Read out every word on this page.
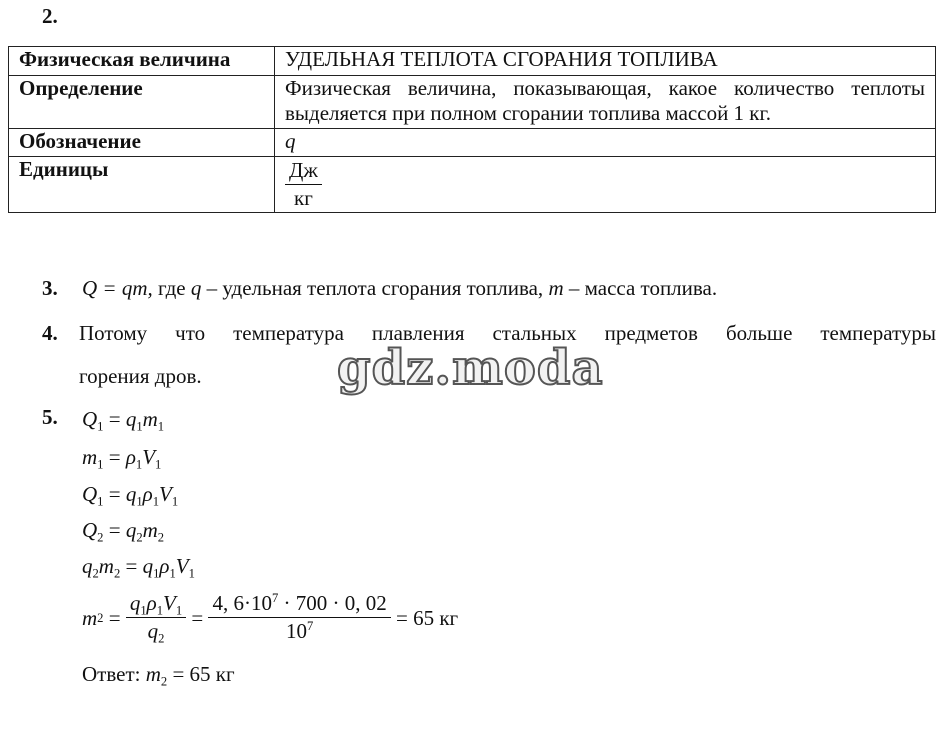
2.
Физическая величина	УДЕЛЬНАЯ ТЕПЛОТА СГОРАНИЯ ТОПЛИВА
Определение	Физическая величина, показывающая, какое количество теплоты выделяется при полном сгорании топлива массой 1 кг.
Обозначение	q
Единицы	$\frac{Дж}{кг}$
3. Q = qm, где q – удельная теплота сгорания топлива, m – масса топлива.
4. Потому что температура плавления стальных предметов больше температуры
горения дров.	gdz.moda
5. $Q_1 = q_1m_1$
$m_1 = \rho_1V_1$
$Q_1 = q_1\rho_1V_1$
$Q_2 = q_2m_2$
$q_2m_2 = q_1\rho_1V_1$
m $2 = \frac{q_1\rho_1V_1}{q_2} = \frac{4, 6\cdot 10^7 \cdot 700 \cdot 0, 02}{10^7}$
= 65 кг
Ответ: $m_2 = 65$ кг
